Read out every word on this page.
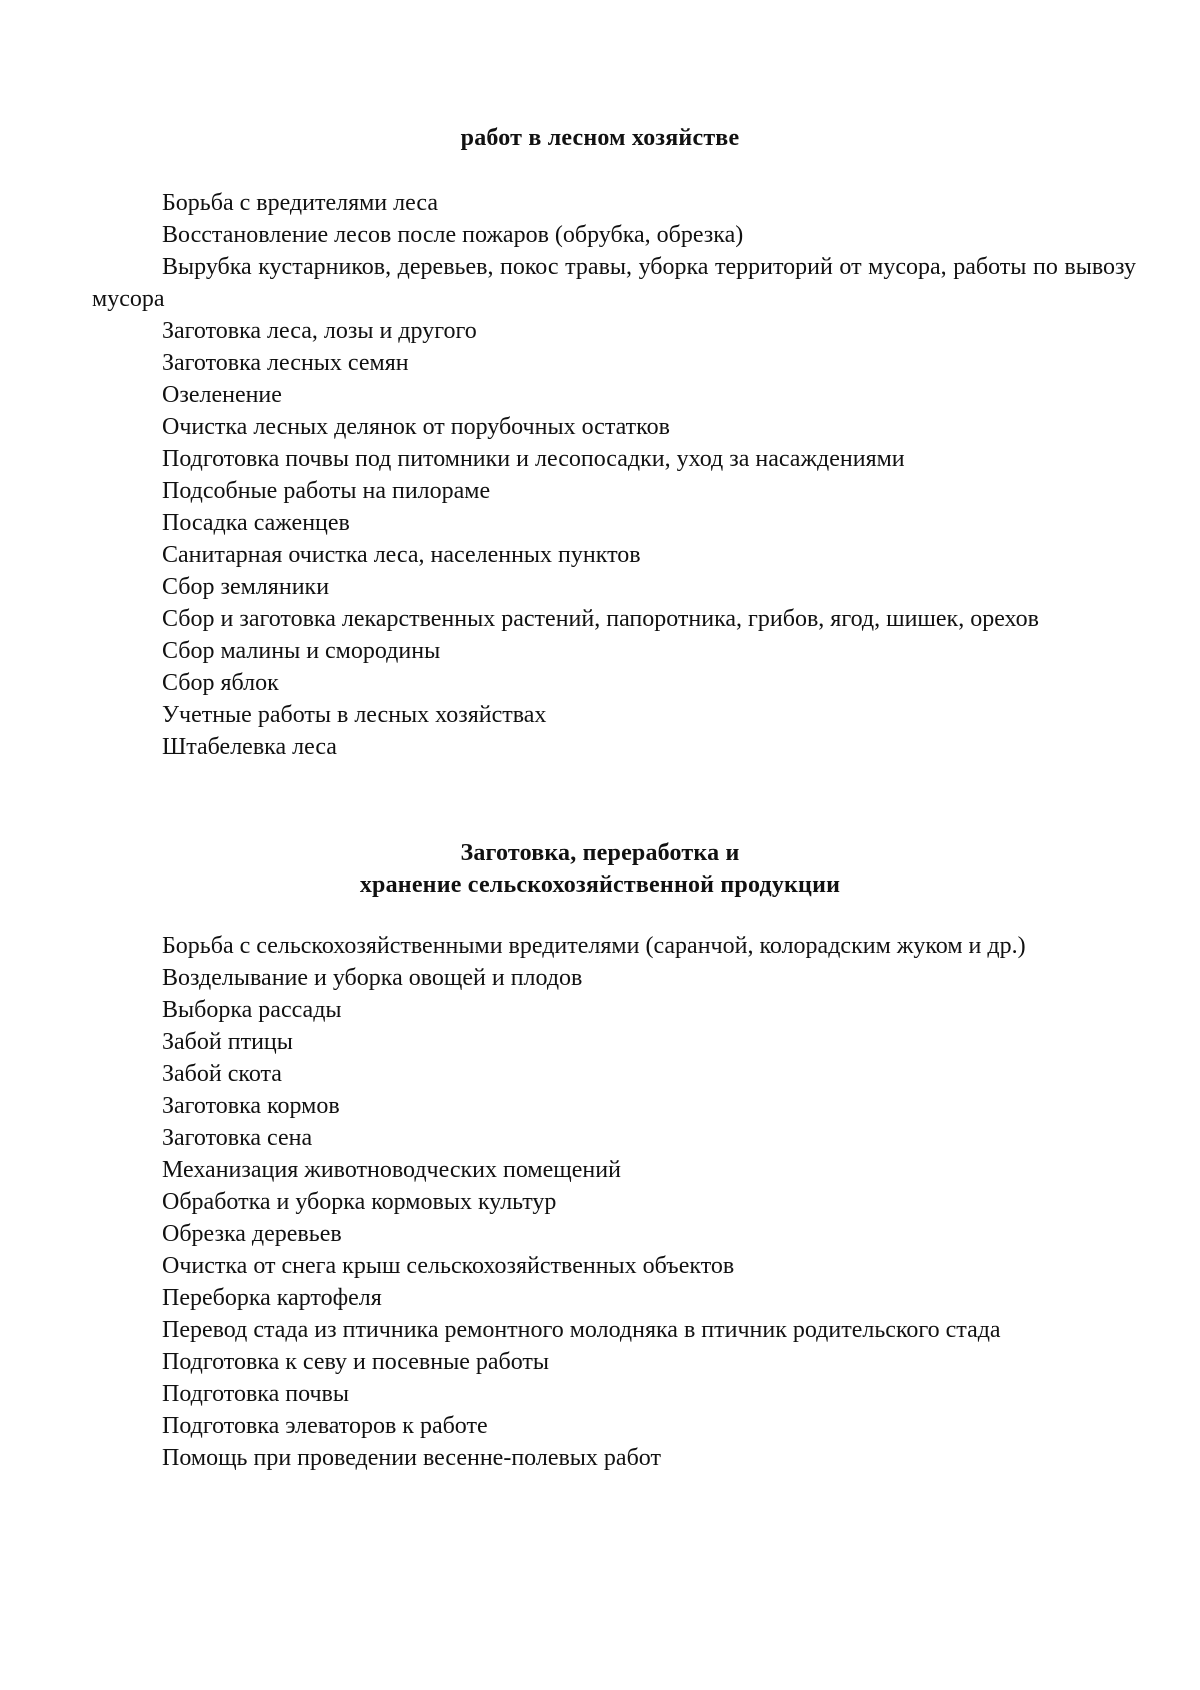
работ в лесном хозяйстве
Борьба с вредителями леса
Восстановление лесов после пожаров (обрубка, обрезка)
Вырубка кустарников, деревьев, покос травы, уборка территорий от мусора, работы по вывозу мусора
Заготовка леса, лозы и другого
Заготовка лесных семян
Озеленение
Очистка лесных делянок от порубочных остатков
Подготовка почвы под питомники и лесопосадки, уход за насаждениями
Подсобные работы на пилораме
Посадка саженцев
Санитарная очистка леса, населенных пунктов
Сбор земляники
Сбор и заготовка лекарственных растений, папоротника, грибов, ягод, шишек, орехов
Сбор малины и смородины
Сбор яблок
Учетные работы в лесных хозяйствах
Штабелевка леса
Заготовка, переработка и
хранение сельскохозяйственной продукции
Борьба с сельскохозяйственными вредителями (саранчой, колорадским жуком и др.)
Возделывание и уборка овощей и плодов
Выборка рассады
Забой птицы
Забой скота
Заготовка кормов
Заготовка сена
Механизация животноводческих помещений
Обработка и уборка кормовых культур
Обрезка деревьев
Очистка от снега крыш сельскохозяйственных объектов
Переборка картофеля
Перевод стада из птичника ремонтного молодняка в птичник родительского стада
Подготовка к севу и посевные работы
Подготовка почвы
Подготовка элеваторов к работе
Помощь при проведении весенне-полевых работ
